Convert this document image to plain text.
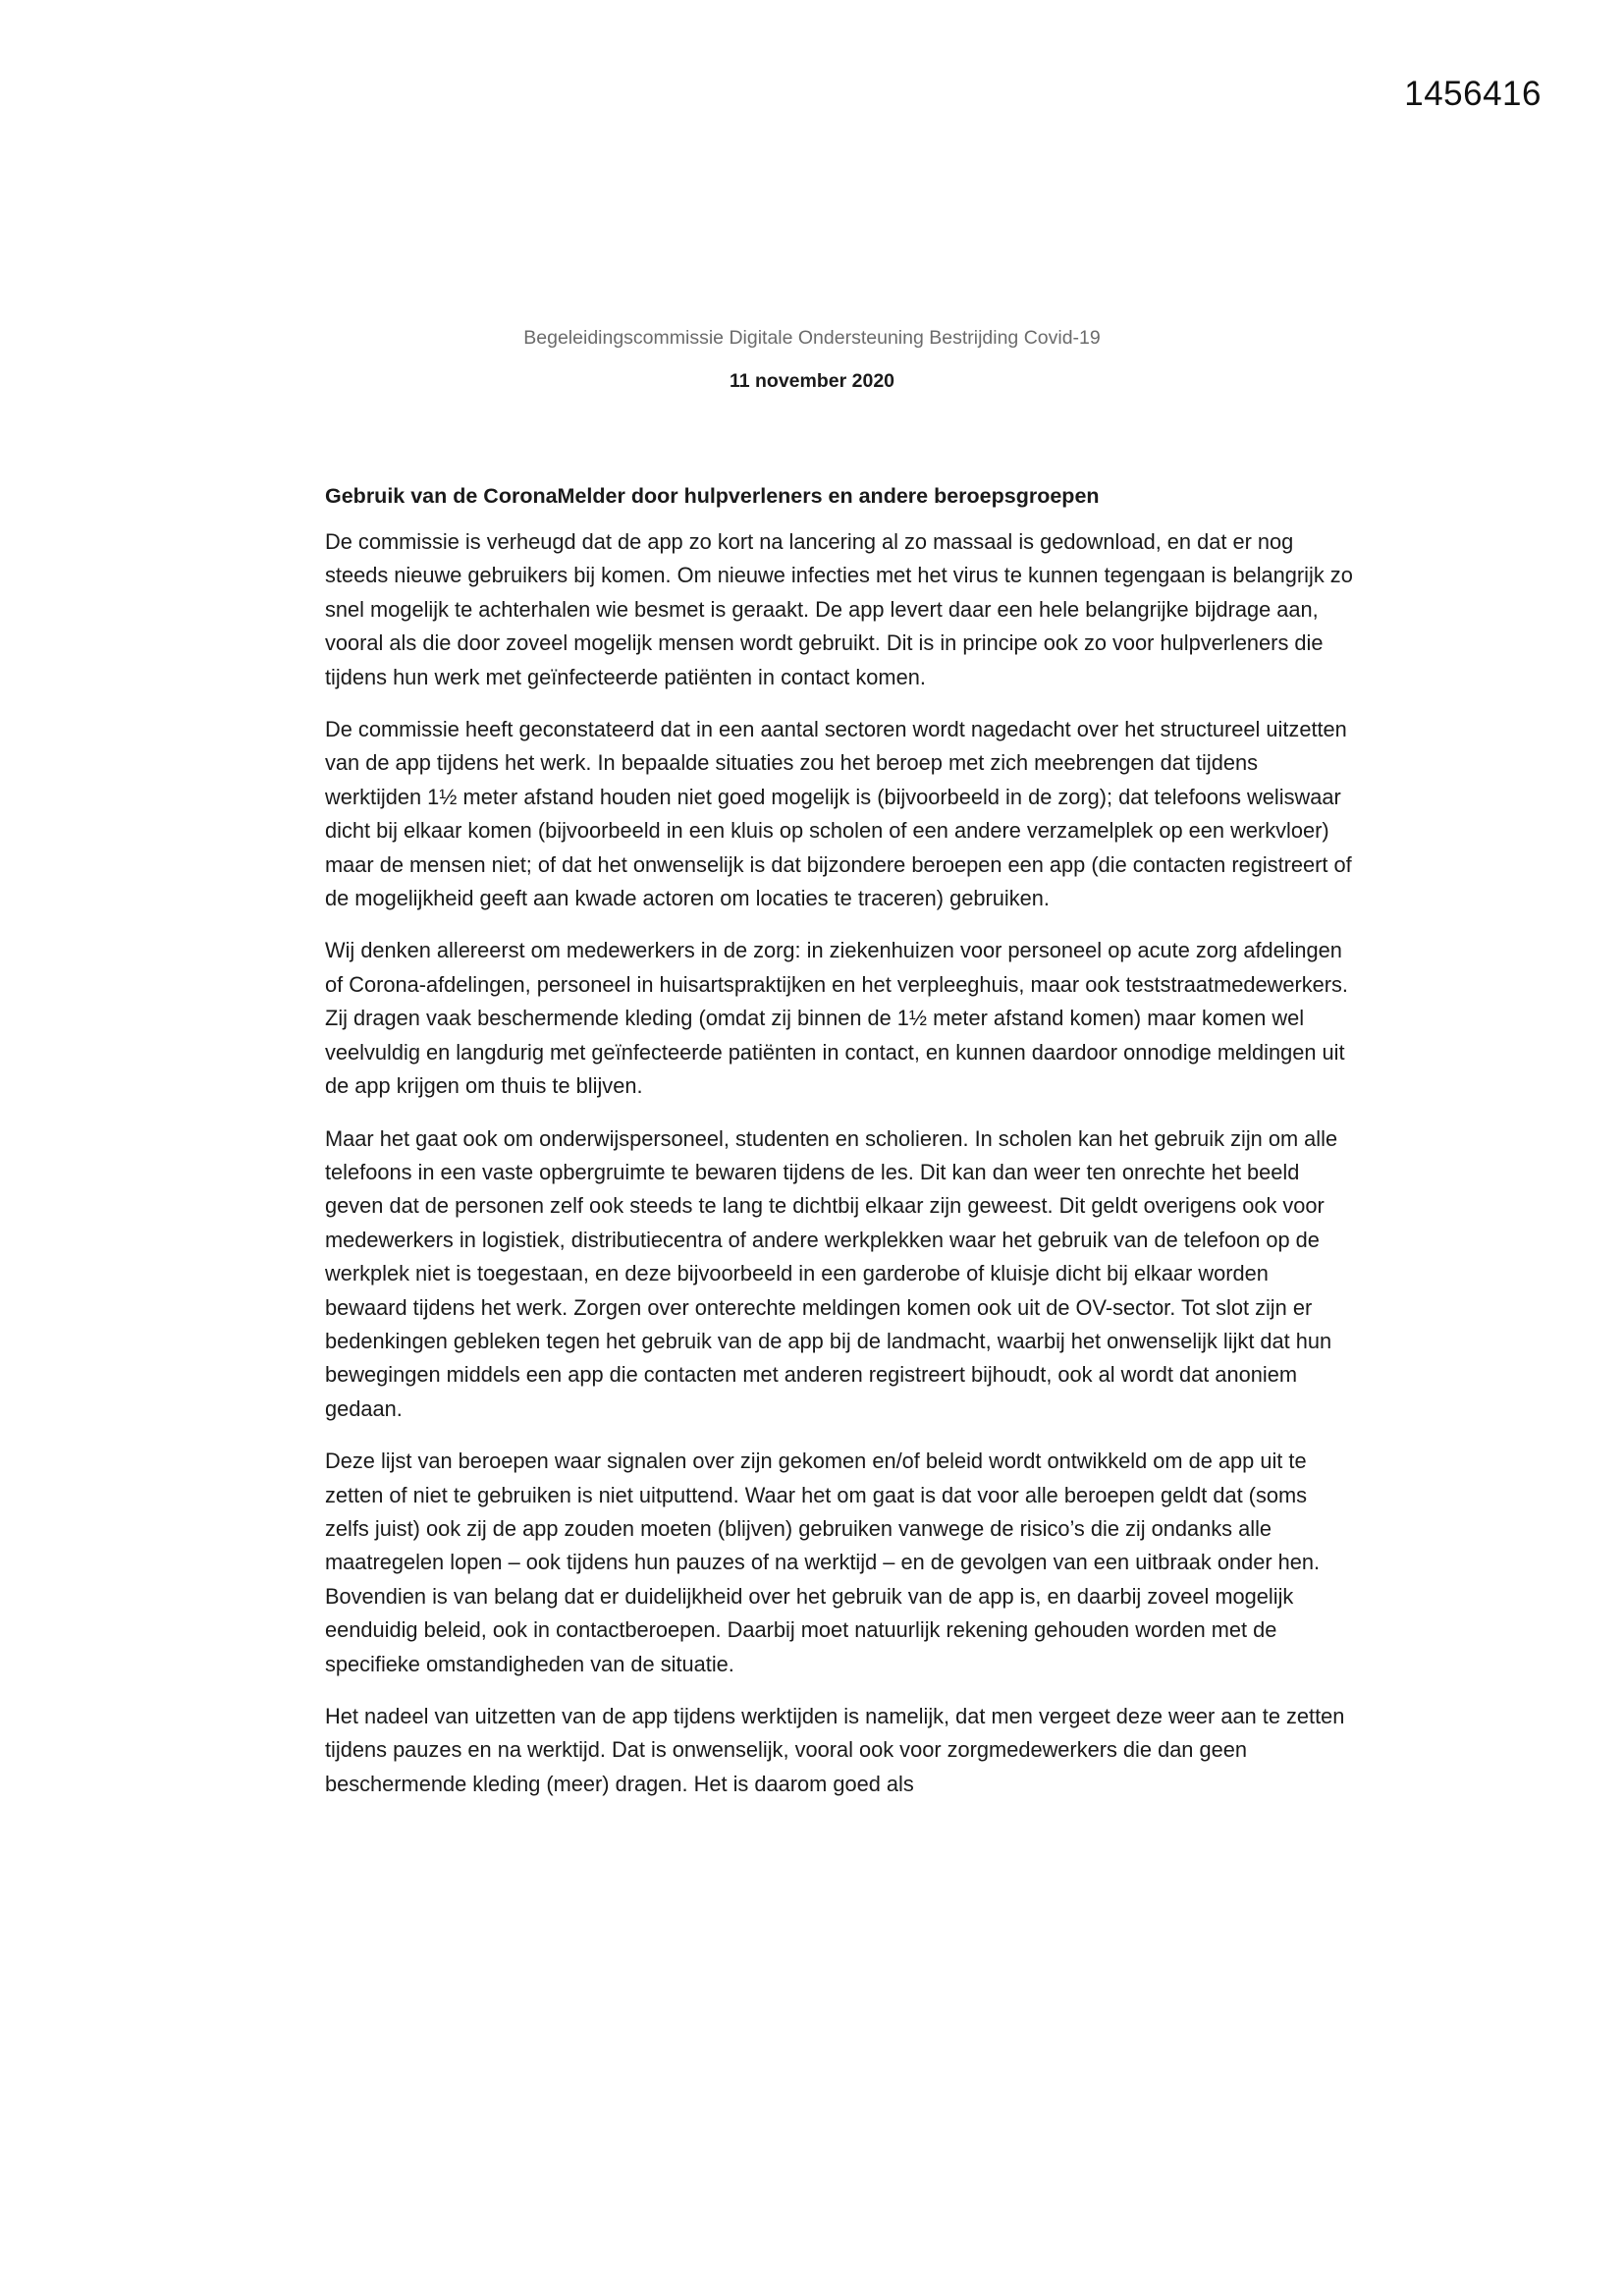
1456416

Begeleidingscommissie Digitale Ondersteuning Bestrijding Covid-19

11 november 2020

Gebruik van de CoronaMelder door hulpverleners en andere beroepsgroepen

De commissie is verheugd dat de app zo kort na lancering al zo massaal is gedownload, en dat er nog steeds nieuwe gebruikers bij komen. Om nieuwe infecties met het virus te kunnen tegengaan is belangrijk zo snel mogelijk te achterhalen wie besmet is geraakt. De app levert daar een hele belangrijke bijdrage aan, vooral als die door zoveel mogelijk mensen wordt gebruikt. Dit is in principe ook zo voor hulpverleners die tijdens hun werk met geïnfecteerde patiënten in contact komen.

De commissie heeft geconstateerd dat in een aantal sectoren wordt nagedacht over het structureel uitzetten van de app tijdens het werk. In bepaalde situaties zou het beroep met zich meebrengen dat tijdens werktijden 1½ meter afstand houden niet goed mogelijk is (bijvoorbeeld in de zorg); dat telefoons weliswaar dicht bij elkaar komen (bijvoorbeeld in een kluis op scholen of een andere verzamelplek op een werkvloer) maar de mensen niet; of dat het onwenselijk is dat bijzondere beroepen een app (die contacten registreert of de mogelijkheid geeft aan kwade actoren om locaties te traceren) gebruiken.

Wij denken allereerst om medewerkers in de zorg: in ziekenhuizen voor personeel op acute zorg afdelingen of Corona-afdelingen, personeel in huisartspraktijken en het verpleeghuis, maar ook teststraatmedewerkers. Zij dragen vaak beschermende kleding (omdat zij binnen de 1½ meter afstand komen) maar komen wel veelvuldig en langdurig met geïnfecteerde patiënten in contact, en kunnen daardoor onnodige meldingen uit de app krijgen om thuis te blijven.

Maar het gaat ook om onderwijspersoneel, studenten en scholieren. In scholen kan het gebruik zijn om alle telefoons in een vaste opbergruimte te bewaren tijdens de les. Dit kan dan weer ten onrechte het beeld geven dat de personen zelf ook steeds te lang te dichtbij elkaar zijn geweest. Dit geldt overigens ook voor medewerkers in logistiek, distributiecentra of andere werkplekken waar het gebruik van de telefoon op de werkplek niet is toegestaan, en deze bijvoorbeeld in een garderobe of kluisje dicht bij elkaar worden bewaard tijdens het werk. Zorgen over onterechte meldingen komen ook uit de OV-sector. Tot slot zijn er bedenkingen gebleken tegen het gebruik van de app bij de landmacht, waarbij het onwenselijk lijkt dat hun bewegingen middels een app die contacten met anderen registreert bijhoudt, ook al wordt dat anoniem gedaan.

Deze lijst van beroepen waar signalen over zijn gekomen en/of beleid wordt ontwikkeld om de app uit te zetten of niet te gebruiken is niet uitputtend. Waar het om gaat is dat voor alle beroepen geldt dat (soms zelfs juist) ook zij de app zouden moeten (blijven) gebruiken vanwege de risico’s die zij ondanks alle maatregelen lopen – ook tijdens hun pauzes of na werktijd – en de gevolgen van een uitbraak onder hen. Bovendien is van belang dat er duidelijkheid over het gebruik van de app is, en daarbij zoveel mogelijk eenduidig beleid, ook in contactberoepen. Daarbij moet natuurlijk rekening gehouden worden met de specifieke omstandigheden van de situatie.

Het nadeel van uitzetten van de app tijdens werktijden is namelijk, dat men vergeet deze weer aan te zetten tijdens pauzes en na werktijd. Dat is onwenselijk, vooral ook voor zorgmedewerkers die dan geen beschermende kleding (meer) dragen. Het is daarom goed als
